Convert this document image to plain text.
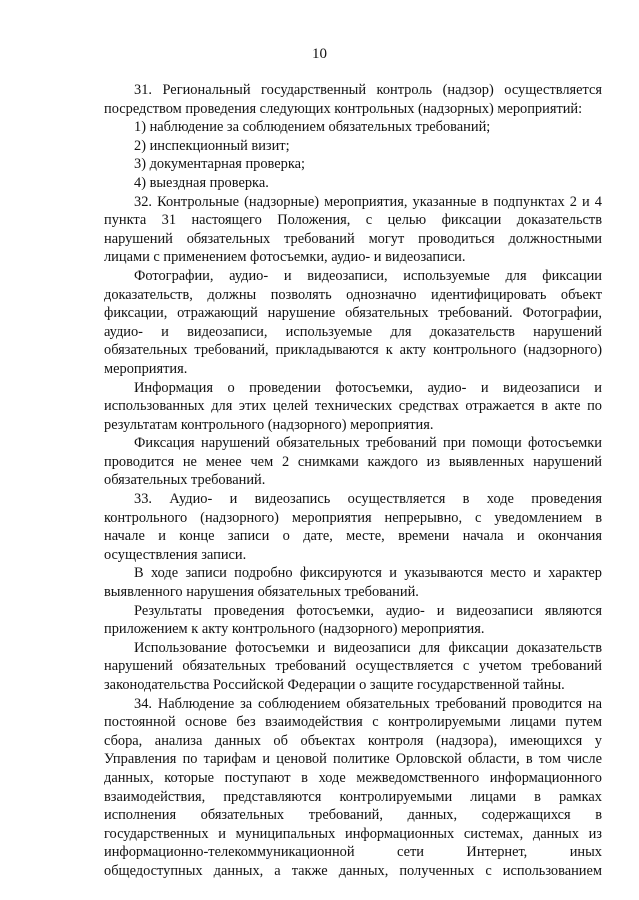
10

31. Региональный государственный контроль (надзор) осуществляется

посредством проведения следующих контрольных (надзорных) мероприятий:

1) наблюдение за соблюдением обязательных требований;

2) инспекционный визит;

3) документарная проверка;

4) выездная проверка.

32. Контрольные (надзорные) мероприятия, указанные в подпунктах 2 и 4

пункта 31 настоящего Положения, с целью фиксации доказательств

нарушений обязательных требований могут проводиться должностными

лицами с применением фотосъемки, аудио- и видеозаписи.

Фотографии, аудио- и видеозаписи, используемые для фиксации

доказательств, должны позволять однозначно идентифицировать объект

фиксации, отражающий нарушение обязательных требований. Фотографии,

аудио- и видеозаписи, используемые для доказательств нарушений

обязательных требований, прикладываются к акту контрольного (надзорного)

мероприятия.

Информация о проведении фотосъемки, аудио- и видеозаписи и

использованных для этих целей технических средствах отражается в акте по

результатам контрольного (надзорного) мероприятия.

Фиксация нарушений обязательных требований при помощи фотосъемки

проводится не менее чем 2 снимками каждого из выявленных нарушений

обязательных требований.

33. Аудио- и видеозапись осуществляется в ходе проведения

контрольного (надзорного) мероприятия непрерывно, с уведомлением в

начале и конце записи о дате, месте, времени начала и окончания

осуществления записи.

В ходе записи подробно фиксируются и указываются место и характер

выявленного нарушения обязательных требований.

Результаты проведения фотосъемки, аудио- и видеозаписи являются

приложением к акту контрольного (надзорного) мероприятия.

Использование фотосъемки и видеозаписи для фиксации доказательств

нарушений обязательных требований осуществляется с учетом требований

законодательства Российской Федерации о защите государственной тайны.

34. Наблюдение за соблюдением обязательных требований проводится на

постоянной основе без взаимодействия с контролируемыми лицами путем

сбора, анализа данных об объектах контроля (надзора), имеющихся у

Управления по тарифам и ценовой политике Орловской области, в том числе

данных, которые поступают в ходе межведомственного информационного

взаимодействия, представляются контролируемыми лицами в рамках

исполнения обязательных требований, данных, содержащихся в

государственных и муниципальных информационных системах, данных из

информационно-телекоммуникационной сети Интернет, иных

общедоступных данных, а также данных, полученных с использованием
